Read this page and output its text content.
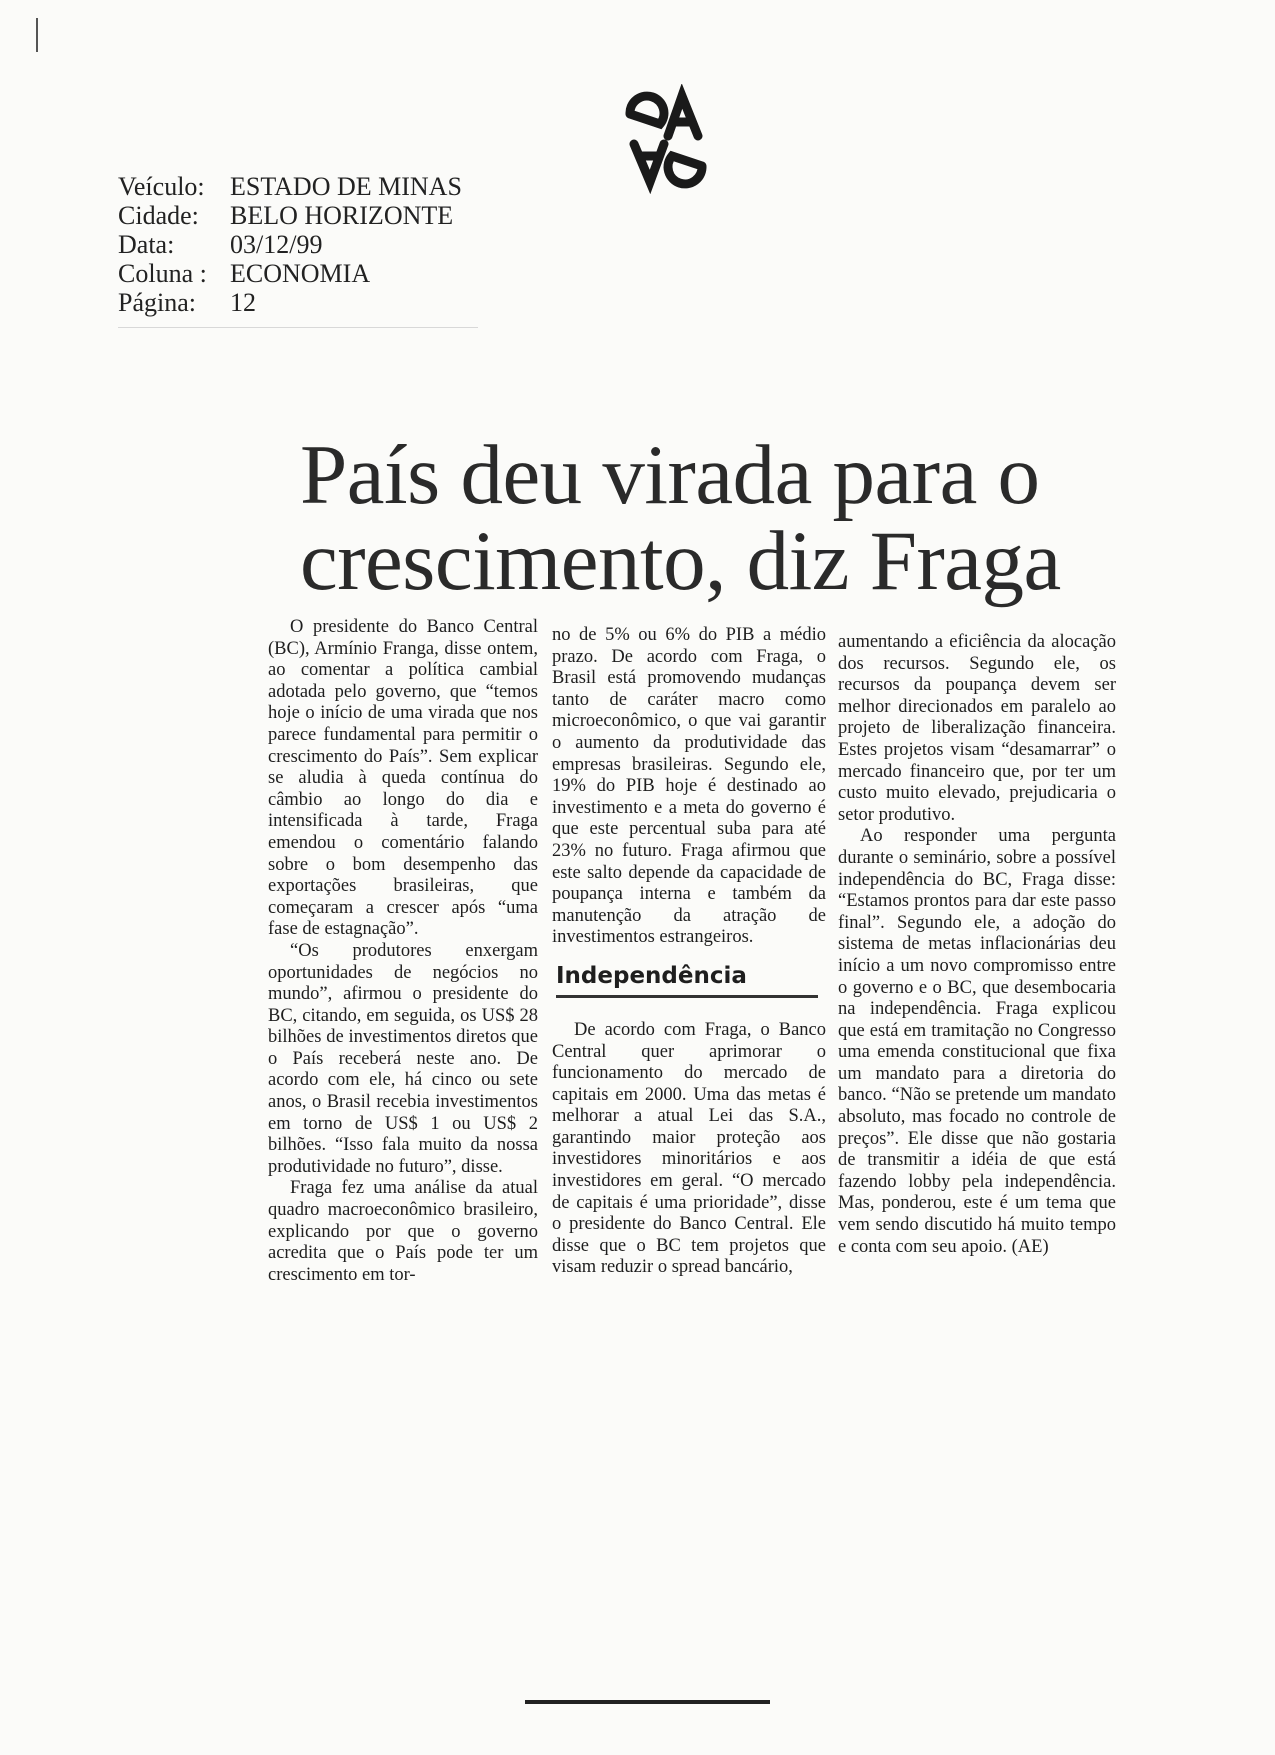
Veículo: ESTADO DE MINAS
Cidade:	BELO HORIZONTE
Data:	03/12/99
Coluna : ECONOMIA
Página:	12
País deu virada para o crescimento, diz Fraga

O presidente do Banco Central (BC), Armínio Franga, disse ontem, ao comentar a política cambial adotada pelo governo, que “temos hoje o início de uma virada que nos parece fundamental para permitir o crescimento do País”. Sem explicar se aludia à queda contínua do câmbio ao longo do dia e intensificada à tarde, Fraga emendou o comentário falando sobre o bom desempenho das exportações brasileiras, que começaram a crescer após “uma fase de estagnação”.

“Os produtores enxergam oportunidades de negócios no mundo”, afirmou o presidente do BC, citando, em seguida, os US$ 28 bilhões de investimentos diretos que o País receberá neste ano. De acordo com ele, há cinco ou sete anos, o Brasil recebia investimentos em torno de US$ 1 ou US$ 2 bilhões. “Isso fala muito da nossa produtividade no futuro”, disse.

Fraga fez uma análise da atual quadro macroeconômico brasileiro, explicando por que o governo acredita que o País pode ter um crescimento em tor-

no de 5% ou 6% do PIB a médio prazo. De acordo com Fraga, o Brasil está promovendo mudanças tanto de caráter macro como microeconômico, o que vai garantir o aumento da produtividade das empresas brasileiras. Segundo ele, 19% do PIB hoje é destinado ao investimento e a meta do governo é que este percentual suba para até 23% no futuro. Fraga afirmou que este salto depende da capacidade de poupança interna e também da manutenção da atração de investimentos estrangeiros.

Independência

De acordo com Fraga, o Banco Central quer aprimorar o funcionamento do mercado de capitais em 2000. Uma das metas é melhorar a atual Lei das S.A., garantindo maior proteção aos investidores minoritários e aos investidores em geral. “O mercado de capitais é uma prioridade”, disse o presidente do Banco Central. Ele disse que o BC tem projetos que visam reduzir o spread bancário,

aumentando a eficiência da alocação dos recursos. Segundo ele, os recursos da poupança devem ser melhor direcionados em paralelo ao projeto de liberalização financeira. Estes projetos visam “desamarrar” o mercado financeiro que, por ter um custo muito elevado, prejudicaria o setor produtivo.

Ao responder uma pergunta durante o seminário, sobre a possível independência do BC, Fraga disse: “Estamos prontos para dar este passo final”. Segundo ele, a adoção do sistema de metas inflacionárias deu início a um novo compromisso entre o governo e o BC, que desembocaria na independência. Fraga explicou que está em tramitação no Congresso uma emenda constitucional que fixa um mandato para a diretoria do banco. “Não se pretende um mandato absoluto, mas focado no controle de preços”. Ele disse que não gostaria de transmitir a idéia de que está fazendo lobby pela independência. Mas, ponderou, este é um tema que vem sendo discutido há muito tempo e conta com seu apoio. (AE)
